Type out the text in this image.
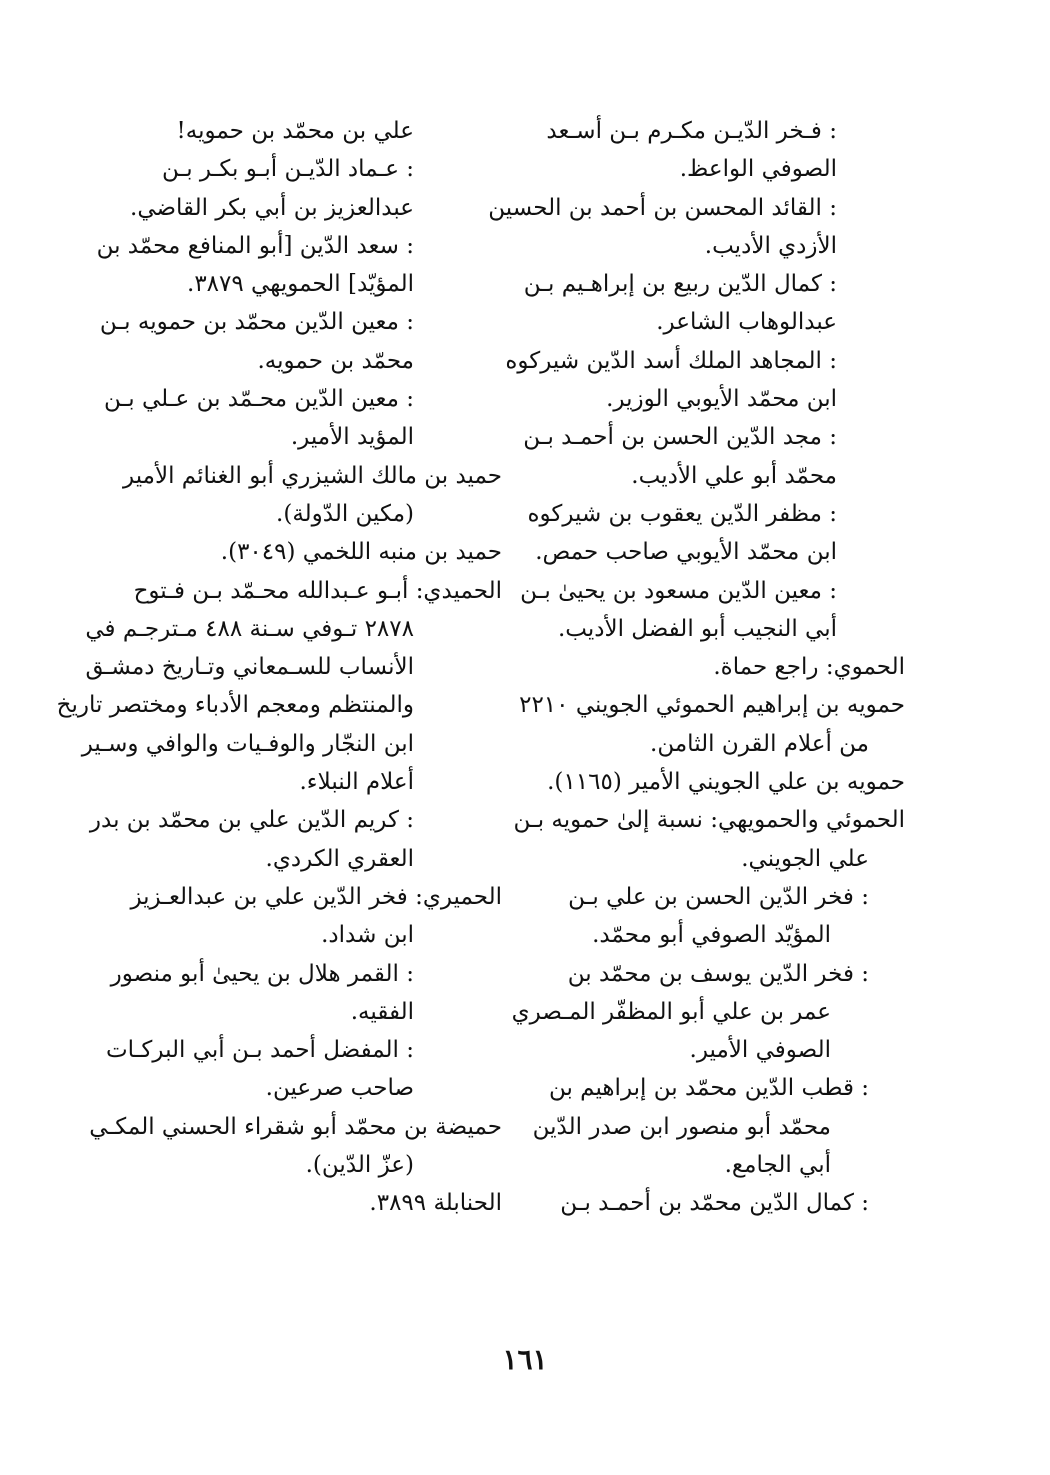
: فـخر الدّيـن مكـرم بـن أسـعد
الصوفي الواعظ.
: القائد المحسن بن أحمد بن الحسين
الأزدي الأديب.
: كمال الدّين ربيع بن إبراهـيم بـن
عبدالوهاب الشاعر.
: المجاهد الملك أسد الدّين شيركوه
ابن محمّد الأيوبي الوزير.
: مجد الدّين الحسن بن أحمـد بـن
محمّد أبو علي الأديب.
: مظفر الدّين يعقوب بن شيركوه
ابن محمّد الأيوبي صاحب حمص.
: معين الدّين مسعود بن يحيىٰ بـن
أبي النجيب أبو الفضل الأديب.
الحموي: راجع حماة.
حمويه بن إبراهيم الحموئي الجويني ٢٢١٠
من أعلام القرن الثامن.
حمويه بن علي الجويني الأمير (١١٦٥).
الحموئي والحمويهي: نسبة إلىٰ حمويه بـن
علي الجويني.
: فخر الدّين الحسن بن علي بـن
المؤيّد الصوفي أبو محمّد.
: فخر الدّين يوسف بن محمّد بن
عمر بن علي أبو المظفّر المـصري
الصوفي الأمير.
: قطب الدّين محمّد بن إبراهيم بن
محمّد أبو منصور ابن صدر الدّين
أبي الجامع.
: كمال الدّين محمّد بن أحمـد بـن
علي بن محمّد بن حمويه!
: عـماد الدّيـن أبـو بكـر بـن
عبدالعزيز بن أبي بكر القاضي.
: سعد الدّين [أبو المنافع محمّد بن
المؤيّد] الحمويهي ٣٨٧٩.
: معين الدّين محمّد بن حمويه بـن
محمّد بن حمويه.
: معين الدّين محـمّد بن عـلي بـن
المؤيد الأمير.
حميد بن مالك الشيزري أبو الغنائم الأمير
(مكين الدّولة).
حميد بن منبه اللخمي (٣٠٤٩).
الحميدي: أبـو عـبدالله محـمّد بـن فـتوح
٢٨٧٨ تـوفي سـنة ٤٨٨ مـترجـم في
الأنساب للسـمعاني وتـاريخ دمشـق
والمنتظم ومعجم الأدباء ومختصر تاريخ
ابن النجّار والوفـيات والوافي وسـير
أعلام النبلاء.
: كريم الدّين علي بن محمّد بن بدر
العقري الكردي.
الحميري: فخر الدّين علي بن عبدالعـزيز
ابن شداد.
: القمر هلال بن يحيىٰ أبو منصور
الفقيه.
: المفضل أحمد بـن أبي البركـات
صاحب صرعين.
حميضة بن محمّد أبو شقراء الحسني المكـي
(عزّ الدّين).
الحنابلة ٣٨٩٩.
١٦١
